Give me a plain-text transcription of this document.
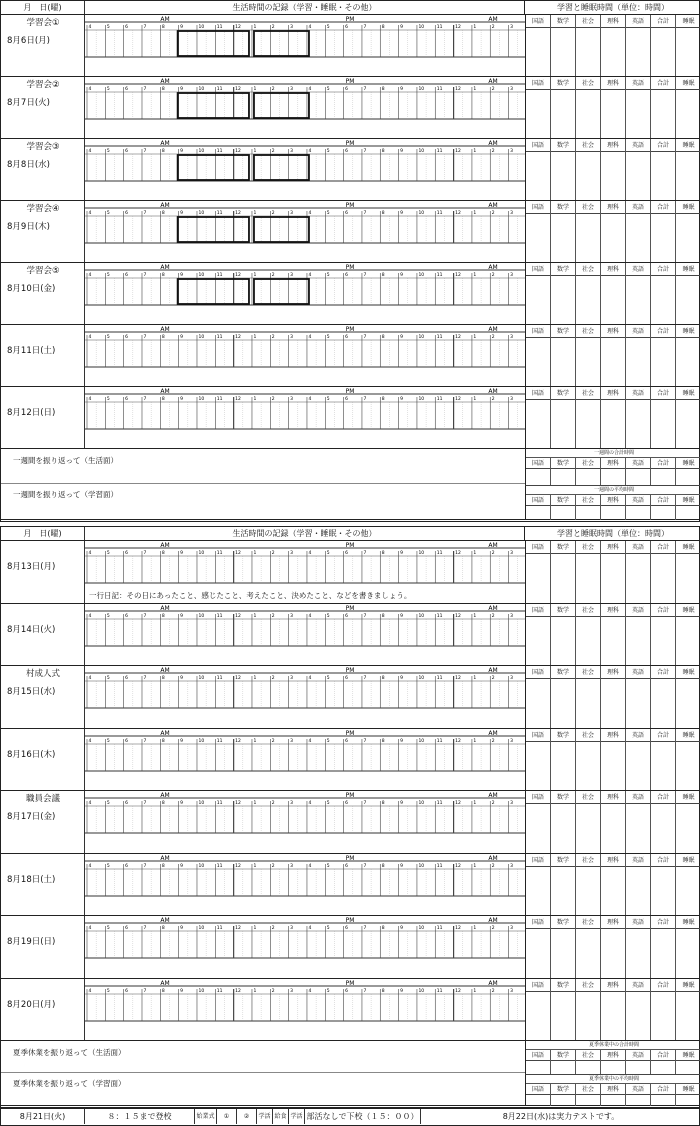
月　日(曜)	生活時間の記録（学習・睡眠・その他）	学習と睡眠時間（単位：時間）
学習会①
8月6日(月)
AM	PM	AM
4	5	6	7	8	9	10	11	12	1	2	3	4	5	6	7	8	9	10	11	12	1	2	3
国語	数学	社会	理科	英語	合計	睡眠
学習会②
8月7日(火)
AM	PM	AM
4	5	6	7	8	9	10	11	12	1	2	3	4	5	6	7	8	9	10	11	12	1	2	3
国語	数学	社会	理科	英語	合計	睡眠
学習会③
8月8日(水)
AM	PM	AM
4	5	6	7	8	9	10	11	12	1	2	3	4	5	6	7	8	9	10	11	12	1	2	3
国語	数学	社会	理科	英語	合計	睡眠
学習会④
8月9日(木)
AM	PM	AM
4	5	6	7	8	9	10	11	12	1	2	3	4	5	6	7	8	9	10	11	12	1	2	3
国語	数学	社会	理科	英語	合計	睡眠
学習会⑤
8月10日(金)
AM	PM	AM
4	5	6	7	8	9	10	11	12	1	2	3	4	5	6	7	8	9	10	11	12	1	2	3
国語	数学	社会	理科	英語	合計	睡眠
8月11日(土)
AM	PM	AM
4	5	6	7	8	9	10	11	12	1	2	3	4	5	6	7	8	9	10	11	12	1	2	3
国語	数学	社会	理科	英語	合計	睡眠
8月12日(日)
AM	PM	AM
4	5	6	7	8	9	10	11	12	1	2	3	4	5	6	7	8	9	10	11	12	1	2	3
国語	数学	社会	理科	英語	合計	睡眠
一週間を振り返って（生活面）
一週間を振り返って（学習面）
一週間の合計時間
国語	数学	社会	理科	英語	合計	睡眠
一週間の平均時間
国語	数学	社会	理科	英語	合計	睡眠
月　日(曜)	生活時間の記録（学習・睡眠・その他）	学習と睡眠時間（単位：時間）
8月13日(月)
AM	PM	AM
4	5	6	7	8	9	10	11	12	1	2	3	4	5	6	7	8	9	10	11	12	1	2	3
一行日記：その日にあったこと、感じたこと、考えたこと、決めたこと、などを書きましょう。
国語	数学	社会	理科	英語	合計	睡眠
8月14日(火)
AM	PM	AM
4	5	6	7	8	9	10	11	12	1	2	3	4	5	6	7	8	9	10	11	12	1	2	3
国語	数学	社会	理科	英語	合計	睡眠
村成人式
8月15日(水)
AM	PM	AM
4	5	6	7	8	9	10	11	12	1	2	3	4	5	6	7	8	9	10	11	12	1	2	3
国語	数学	社会	理科	英語	合計	睡眠
8月16日(木)
AM	PM	AM
4	5	6	7	8	9	10	11	12	1	2	3	4	5	6	7	8	9	10	11	12	1	2	3
国語	数学	社会	理科	英語	合計	睡眠
職員会議
8月17日(金)
AM	PM	AM
4	5	6	7	8	9	10	11	12	1	2	3	4	5	6	7	8	9	10	11	12	1	2	3
国語	数学	社会	理科	英語	合計	睡眠
8月18日(土)
AM	PM	AM
4	5	6	7	8	9	10	11	12	1	2	3	4	5	6	7	8	9	10	11	12	1	2	3
国語	数学	社会	理科	英語	合計	睡眠
8月19日(日)
AM	PM	AM
4	5	6	7	8	9	10	11	12	1	2	3	4	5	6	7	8	9	10	11	12	1	2	3
国語	数学	社会	理科	英語	合計	睡眠
8月20日(月)
AM	PM	AM
4	5	6	7	8	9	10	11	12	1	2	3	4	5	6	7	8	9	10	11	12	1	2	3
国語	数学	社会	理科	英語	合計	睡眠
夏季休業を振り返って（生活面）
夏季休業を振り返って（学習面）
夏季休業中の合計時間
国語	数学	社会	理科	英語	合計	睡眠
夏季休業中の平均時間
国語	数学	社会	理科	英語	合計	睡眠
8月21日(火)	８：１５まで登校	始業式	①	②	学活 給食 学活 部活なしで下校（１５：００）	8月22日(水)は実力テストです。
